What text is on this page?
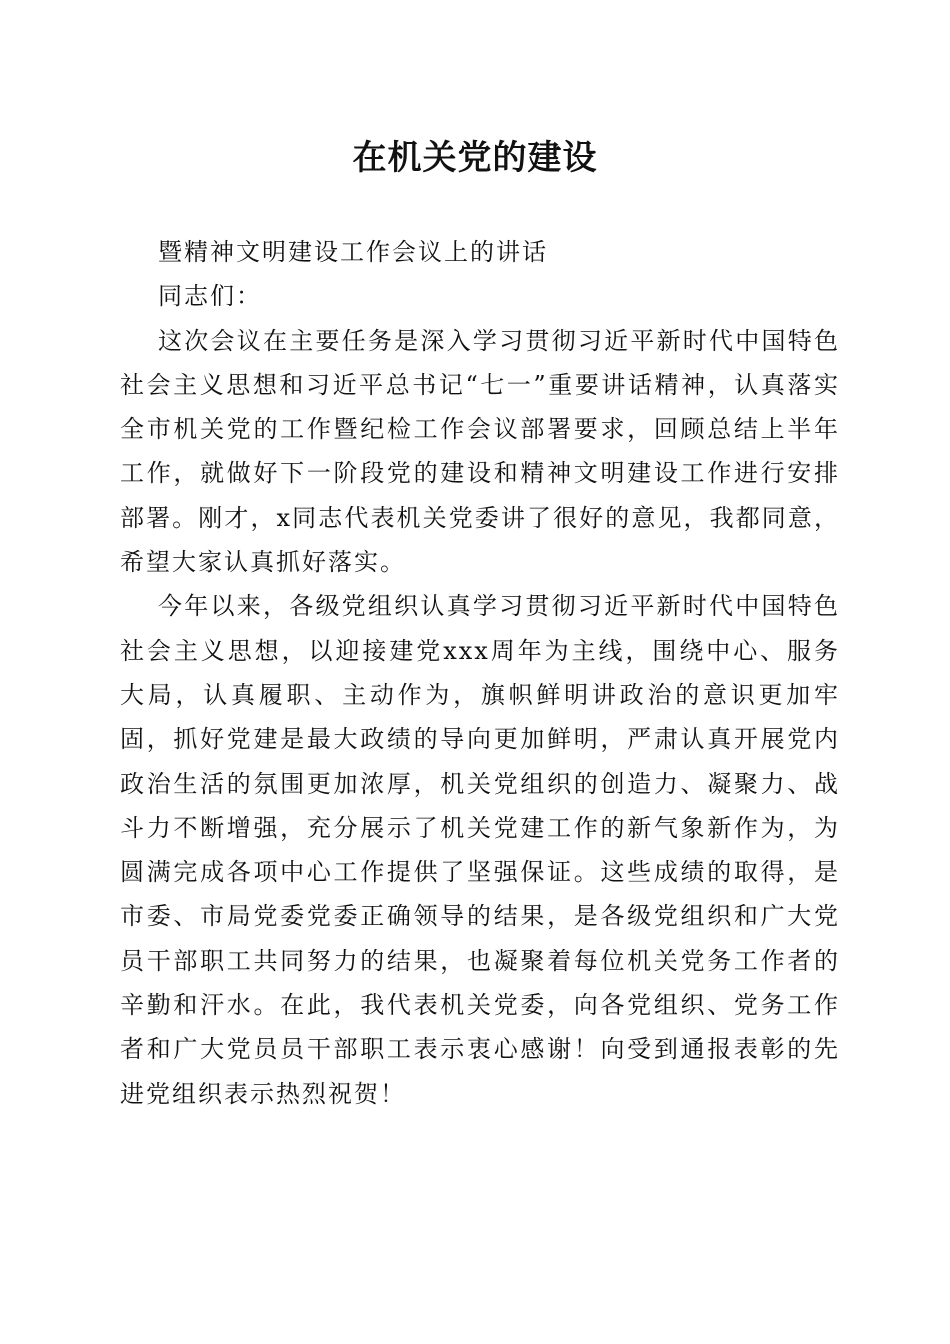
在机关党的建设

暨精神文明建设工作会议上的讲话

同志们：

这次会议在主要任务是深入学习贯彻习近平新时代中国特色社会主义思想和习近平总书记“七一”重要讲话精神，认真落实全市机关党的工作暨纪检工作会议部署要求，回顾总结上半年工作，就做好下一阶段党的建设和精神文明建设工作进行安排部署。刚才，x同志代表机关党委讲了很好的意见，我都同意，希望大家认真抓好落实。

今年以来，各级党组织认真学习贯彻习近平新时代中国特色社会主义思想，以迎接建党xxx周年为主线，围绕中心、服务大局，认真履职、主动作为，旗帜鲜明讲政治的意识更加牢固，抓好党建是最大政绩的导向更加鲜明，严肃认真开展党内政治生活的氛围更加浓厚，机关党组织的创造力、凝聚力、战斗力不断增强，充分展示了机关党建工作的新气象新作为，为圆满完成各项中心工作提供了坚强保证。这些成绩的取得，是市委、市局党委党委正确领导的结果，是各级党组织和广大党员干部职工共同努力的结果，也凝聚着每位机关党务工作者的辛勤和汗水。在此，我代表机关党委，向各党组织、党务工作者和广大党员员干部职工表示衷心感谢！向受到通报表彰的先进党组织表示热烈祝贺！
